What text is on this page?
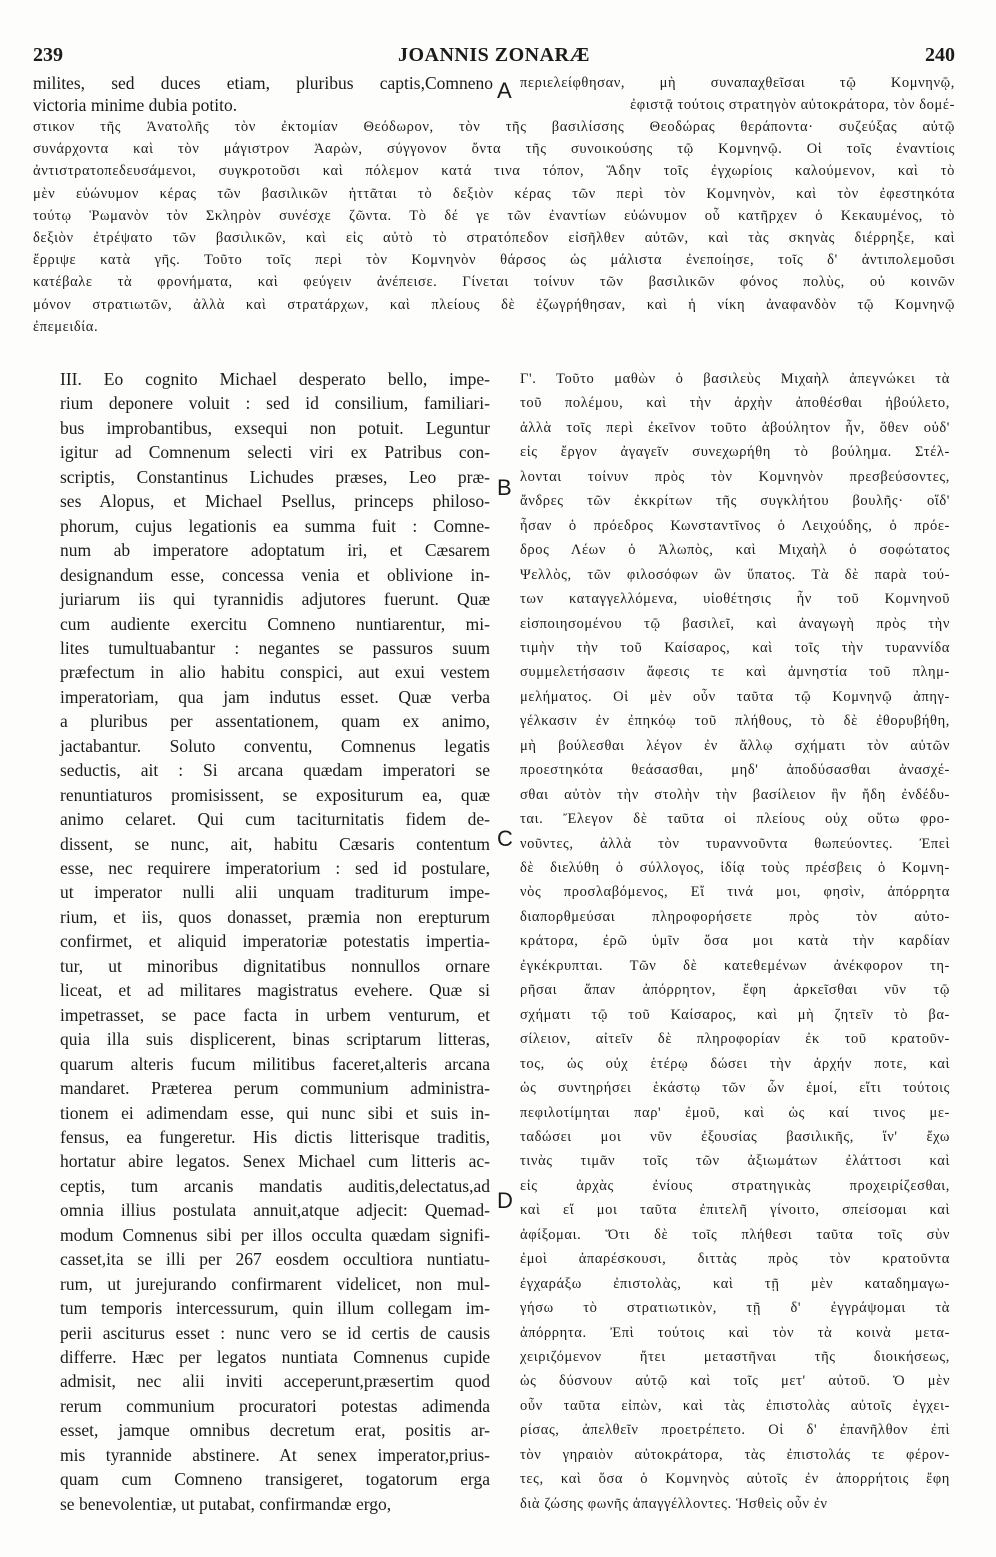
239	JOANNIS ZONARÆ	240
A
B
C
D
milites, sed duces etiam, pluribus captis,Comneno
victoria minime dubia potito.
περιελείφθησαν, μὴ συναπαχθεῖσαι τῷ Κομνηνῷ,
ἐφιστᾷ τούτοις στρατηγὸν αὐτοκράτορα, τὸν δομέ-
στικον τῆς Ἀνατολῆς τὸν ἐκτομίαν Θεόδωρον, τὸν τῆς βασιλίσσης Θεοδώρας θεράποντα· συζεύξας αὐτῷ
συνάρχοντα καὶ τὸν μάγιστρον Ἀαρὼν, σύγγονον ὄντα τῆς συνοικούσης τῷ Κομνηνῷ. Οἱ τοῖς ἐναντίοις
ἀντιστρατοπεδευσάμενοι, συγκροτοῦσι καὶ πόλεμον κατά τινα τόπον, Ἅδην τοῖς ἐγχωρίοις καλούμενον, καὶ τὸ
μὲν εὐώνυμον κέρας τῶν βασιλικῶν ἡττᾶται τὸ δεξιὸν κέρας τῶν περὶ τὸν Κομνηνὸν, καὶ τὸν ἐφεστηκότα
τούτῳ Ῥωμανὸν τὸν Σκληρὸν συνέσχε ζῶντα. Τὸ δέ γε τῶν ἐναντίων εὐώνυμον οὗ κατῆρχεν ὁ Κεκαυμένος, τὸ
δεξιὸν ἐτρέψατο τῶν βασιλικῶν, καὶ εἰς αὐτὸ τὸ στρατόπεδον εἰσῆλθεν αὐτῶν, καὶ τὰς σκηνὰς διέρρηξε, καὶ
ἔρριψε κατὰ γῆς. Τοῦτο τοῖς περὶ τὸν Κομνηνὸν θάρσος ὡς μάλιστα ἐνεποίησε, τοῖς δ' ἀντιπολεμοῦσι
κατέβαλε τὰ φρονήματα, καὶ φεύγειν ἀνέπεισε. Γίνεται τοίνυν τῶν βασιλικῶν φόνος πολὺς, οὐ κοινῶν
μόνον στρατιωτῶν, ἀλλὰ καὶ στρατάρχων, καὶ πλείους δὲ ἐζωγρήθησαν, καὶ ἡ νίκη ἀναφανδὸν τῷ Κομνηνῷ
ἐπεμειδία.
III. Eo cognito Michael desperato bello, impe-
rium deponere voluit : sed id consilium, familiari-
bus improbantibus, exsequi non potuit. Leguntur
igitur ad Comnenum selecti viri ex Patribus con-
scriptis, Constantinus Lichudes præses, Leo præ-
ses Alopus, et Michael Psellus, princeps philoso-
phorum, cujus legationis ea summa fuit : Comne-
num ab imperatore adoptatum iri, et Cæsarem
designandum esse, concessa venia et oblivione in-
juriarum iis qui tyrannidis adjutores fuerunt. Quæ
cum audiente exercitu Comneno nuntiarentur, mi-
lites tumultuabantur : negantes se passuros suum
præfectum in alio habitu conspici, aut exui vestem
imperatoriam, qua jam indutus esset. Quæ verba
a pluribus per assentationem, quam ex animo,
jactabantur. Soluto conventu, Comnenus legatis
seductis, ait : Si arcana quædam imperatori se
renuntiaturos promisissent, se expositurum ea, quæ
animo celaret. Qui cum taciturnitatis fidem de-
dissent, se nunc, ait, habitu Cæsaris contentum
esse, nec requirere imperatorium : sed id postulare,
ut imperator nulli alii unquam traditurum impe-
rium, et iis, quos donasset, præmia non erepturum
confirmet, et aliquid imperatoriæ potestatis impertia-
tur, ut minoribus dignitatibus nonnullos ornare
liceat, et ad militares magistratus evehere. Quæ si
impetrasset, se pace facta in urbem venturum, et
quia illa suis displicerent, binas scriptarum litteras,
quarum alteris fucum militibus faceret,alteris arcana
mandaret. Præterea perum communium administra-
tionem ei adimendam esse, qui nunc sibi et suis in-
fensus, ea fungeretur. His dictis litterisque traditis,
hortatur abire legatos. Senex Michael cum litteris ac-
ceptis, tum arcanis mandatis auditis,delectatus,ad
omnia illius postulata annuit,atque adjecit: Quemad-
modum Comnenus sibi per illos occulta quædam signifi-
casset,ita se illi per 267 eosdem occultiora nuntiatu-
rum, ut jurejurando confirmarent videlicet, non mul-
tum temporis intercessurum, quin illum collegam im-
perii asciturus esset : nunc vero se id certis de causis
differre. Hæc per legatos nuntiata Comnenus cupide
admisit, nec alii inviti acceperunt,præsertim quod
rerum communium procuratori potestas adimenda
esset, jamque omnibus decretum erat, positis ar-
mis tyrannide abstinere. At senex imperator,prius-
quam cum Comneno transigeret, togatorum erga
se benevolentiæ, ut putabat, confirmandæ ergo,
Γ'. Τοῦτο μαθὼν ὁ βασιλεὺς Μιχαὴλ ἀπεγνώκει τὰ
τοῦ πολέμου, καὶ τὴν ἀρχὴν ἀποθέσθαι ἠβούλετο,
ἀλλὰ τοῖς περὶ ἐκεῖνον τοῦτο ἀβούλητον ἦν, ὅθεν οὐδ'
εἰς ἔργον ἀγαγεῖν συνεχωρήθη τὸ βούλημα. Στέλ-
λονται τοίνυν πρὸς τὸν Κομνηνὸν πρεσβεύσοντες,
ἄνδρες τῶν ἐκκρίτων τῆς συγκλήτου βουλῆς· οἵδ'
ἦσαν ὁ πρόεδρος Κωνσταντῖνος ὁ Λειχούδης, ὁ πρόε-
δρος Λέων ὁ Ἀλωπὸς, καὶ Μιχαὴλ ὁ σοφώτατος
Ψελλὸς, τῶν φιλοσόφων ὢν ὕπατος. Τὰ δὲ παρὰ τού-
των καταγγελλόμενα, υἱοθέτησις ἦν τοῦ Κομνηνοῦ
εἰσποιησομένου τῷ βασιλεῖ, καὶ ἀναγωγὴ πρὸς τὴν
τιμὴν τὴν τοῦ Καίσαρος, καὶ τοῖς τὴν τυραννίδα
συμμελετήσασιν ἄφεσις τε καὶ ἀμνηστία τοῦ πλημ-
μελήματος. Οἱ μὲν οὖν ταῦτα τῷ Κομνηνῷ ἀπηγ-
γέλκασιν ἐν ἐπηκόῳ τοῦ πλήθους, τὸ δὲ ἐθορυβήθη,
μὴ βούλεσθαι λέγον ἐν ἄλλῳ σχήματι τὸν αὐτῶν
προεστηκότα θεάσασθαι, μηδ' ἀποδύσασθαι ἀνασχέ-
σθαι αὐτὸν τὴν στολὴν τὴν βασίλειον ἣν ἤδη ἐνδέδυ-
ται. Ἔλεγον δὲ ταῦτα οἱ πλείους οὐχ οὕτω φρο-
νοῦντες, ἀλλὰ τὸν τυραννοῦντα θωπεύοντες. Ἐπεὶ
δὲ διελύθη ὁ σύλλογος, ἰδίᾳ τοὺς πρέσβεις ὁ Κομνη-
νὸς προσλαβόμενος, Εἴ τινά μοι, φησὶν, ἀπόρρητα
διαπορθμεύσαι πληροφορήσετε πρὸς τὸν αὐτο-
κράτορα, ἐρῶ ὑμῖν ὅσα μοι κατὰ τὴν καρδίαν
ἐγκέκρυπται. Τῶν δὲ κατεθεμένων ἀνέκφορον τη-
ρῆσαι ἅπαν ἀπόρρητον, ἔφη ἀρκεῖσθαι νῦν τῷ
σχήματι τῷ τοῦ Καίσαρος, καὶ μὴ ζητεῖν τὸ βα-
σίλειον, αἰτεῖν δὲ πληροφορίαν ἐκ τοῦ κρατοῦν-
τος, ὡς οὐχ ἑτέρῳ δώσει τὴν ἀρχήν ποτε, καὶ
ὡς συντηρήσει ἑκάστῳ τῶν ὧν ἐμοί, εἴτι τούτοις
πεφιλοτίμηται παρ' ἐμοῦ, καὶ ὡς καί τινος με-
ταδώσει μοι νῦν ἐξουσίας βασιλικῆς, ἵν' ἔχω
τινὰς τιμᾶν τοῖς τῶν ἀξιωμάτων ἐλάττοσι καὶ
εἰς ἀρχὰς ἐνίους στρατηγικὰς προχειρίζεσθαι,
καὶ εἴ μοι ταῦτα ἐπιτελῆ γίνοιτο, σπείσομαι καὶ
ἀφίξομαι. Ὅτι δὲ τοῖς πλήθεσι ταῦτα τοῖς σὺν
ἐμοὶ ἀπαρέσκουσι, διττὰς πρὸς τὸν κρατοῦντα
ἐγχαράξω ἐπιστολὰς, καὶ τῇ μὲν καταδημαγω-
γήσω τὸ στρατιωτικὸν, τῇ δ' ἐγγράψομαι τὰ
ἀπόρρητα. Ἐπὶ τούτοις καὶ τὸν τὰ κοινὰ μετα-
χειριζόμενον ἤτει μεταστῆναι τῆς διοικήσεως,
ὡς δύσνουν αὐτῷ καὶ τοῖς μετ' αὐτοῦ. Ὁ μὲν
οὖν ταῦτα εἰπὼν, καὶ τὰς ἐπιστολὰς αὐτοῖς ἐγχει-
ρίσας, ἀπελθεῖν προετρέπετο. Οἱ δ' ἐπανῆλθον ἐπὶ
τὸν γηραιὸν αὐτοκράτορα, τὰς ἐπιστολάς τε φέρον-
τες, καὶ ὅσα ὁ Κομνηνὸς αὐτοῖς ἐν ἀπορρήτοις ἔφη
διὰ ζώσης φωνῆς ἀπαγγέλλοντες. Ἡσθεὶς οὖν ἐν
